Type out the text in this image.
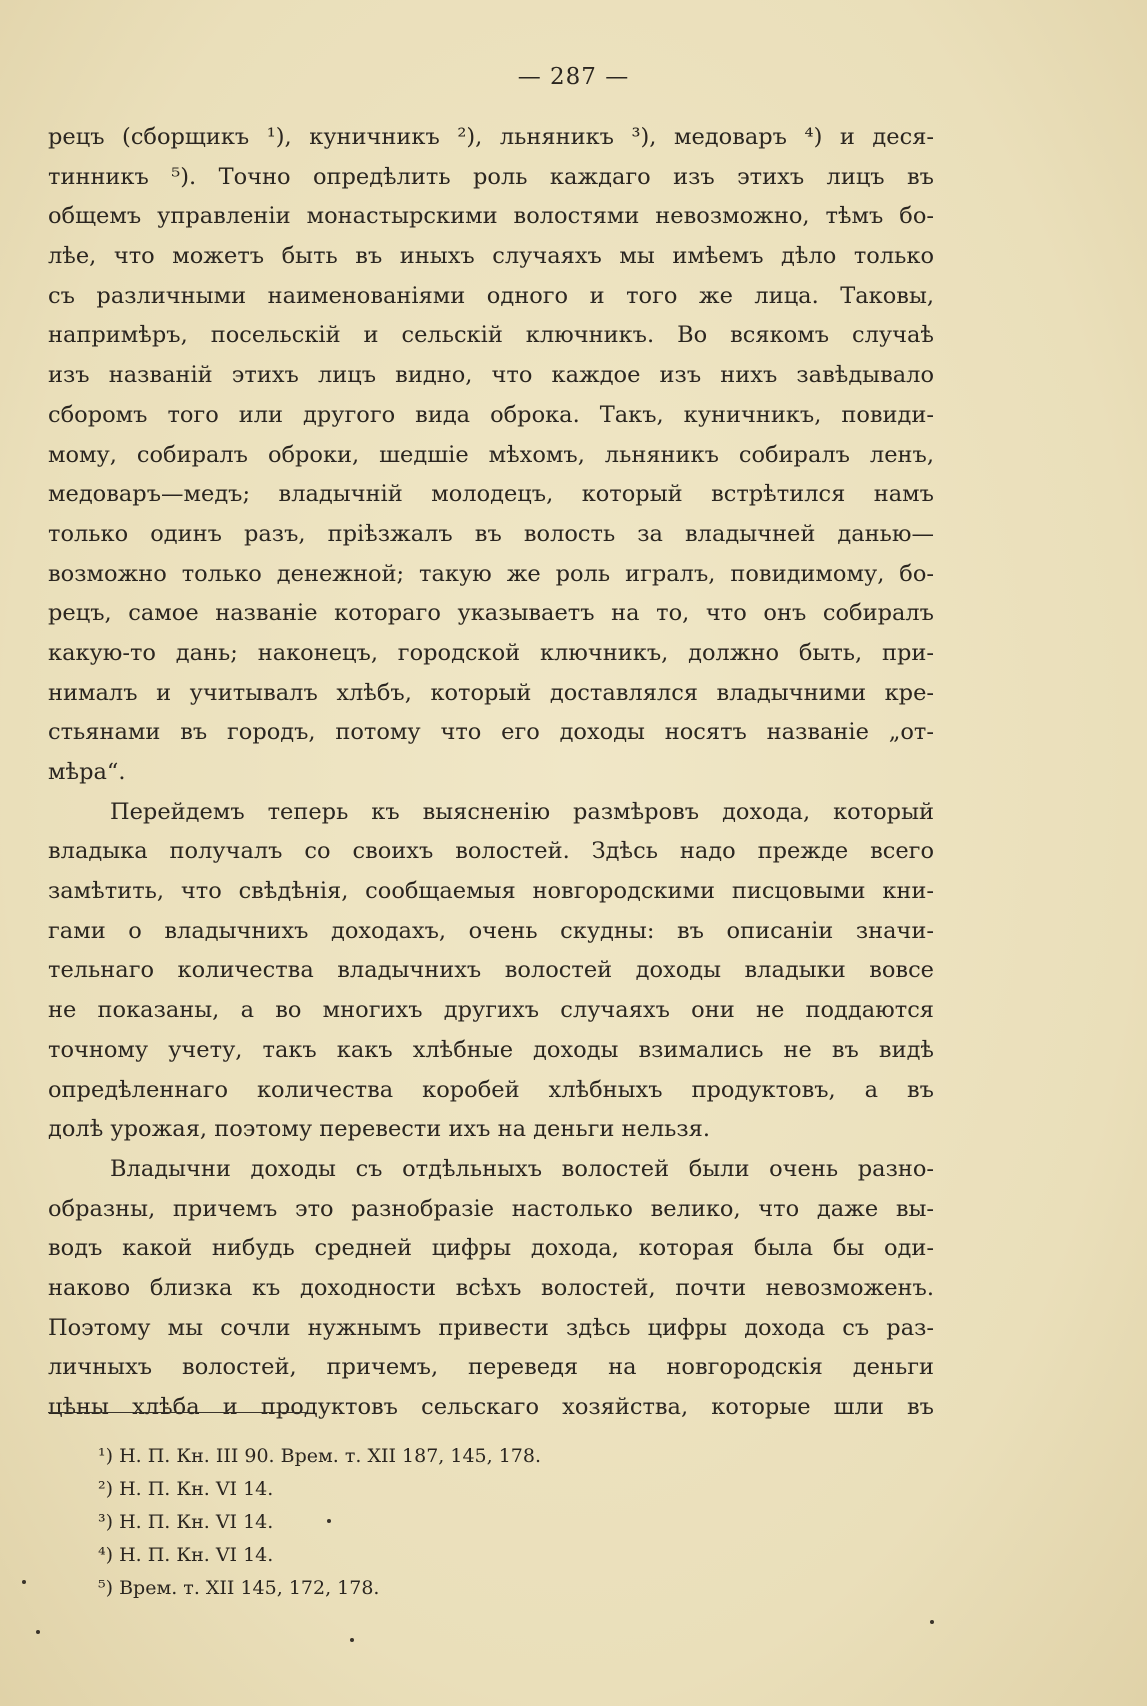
— 287 —
рецъ (сборщикъ ¹), куничникъ ²), льняникъ ³), медоваръ ⁴) и деся-
тинникъ ⁵). Точно опредѣлить роль каждаго изъ этихъ лицъ въ
общемъ управленіи монастырскими волостями невозможно, тѣмъ бо-
лѣе, что можетъ быть въ иныхъ случаяхъ мы имѣемъ дѣло только
съ различными наименованіями одного и того же лица. Таковы,
напримѣръ, посельскій и сельскій ключникъ. Во всякомъ случаѣ
изъ названій этихъ лицъ видно, что каждое изъ нихъ завѣдывало
сборомъ того или другого вида оброка. Такъ, куничникъ, повиди-
мому, собиралъ оброки, шедшіе мѣхомъ, льняникъ собиралъ ленъ,
медоваръ—медъ; владычній молодецъ, который встрѣтился намъ
только одинъ разъ, пріѣзжалъ въ волость за владычней данью—
возможно только денежной; такую же роль игралъ, повидимому, бо-
рецъ, самое названіе котораго указываетъ на то, что онъ собиралъ
какую-то дань; наконецъ, городской ключникъ, должно быть, при-
нималъ и учитывалъ хлѣбъ, который доставлялся владычними кре-
стьянами въ городъ, потому что его доходы носятъ названіе „от-
мѣра“.
Перейдемъ теперь къ выясненію размѣровъ дохода, который
владыка получалъ со своихъ волостей. Здѣсь надо прежде всего
замѣтить, что свѣдѣнія, сообщаемыя новгородскими писцовыми кни-
гами о владычнихъ доходахъ, очень скудны: въ описаніи значи-
тельнаго количества владычнихъ волостей доходы владыки вовсе
не показаны, а во многихъ другихъ случаяхъ они не поддаются
точному учету, такъ какъ хлѣбные доходы взимались не въ видѣ
опредѣленнаго количества коробей хлѣбныхъ продуктовъ, а въ
долѣ урожая, поэтому перевести ихъ на деньги нельзя.
Владычни доходы съ отдѣльныхъ волостей были очень разно-
образны, причемъ это разнобразіе настолько велико, что даже вы-
водъ какой нибудь средней цифры дохода, которая была бы оди-
наково близка къ доходности всѣхъ волостей, почти невозможенъ.
Поэтому мы сочли нужнымъ привести здѣсь цифры дохода съ раз-
личныхъ волостей, причемъ, переведя на новгородскія деньги
цѣны хлѣба и продуктовъ сельскаго хозяйства, которые шли въ
¹) Н. П. Кн. III 90. Врем. т. XII 187, 145, 178.
²) Н. П. Кн. VI 14.
³) Н. П. Кн. VI 14.
⁴) Н. П. Кн. VI 14.
⁵) Врем. т. XII 145, 172, 178.
